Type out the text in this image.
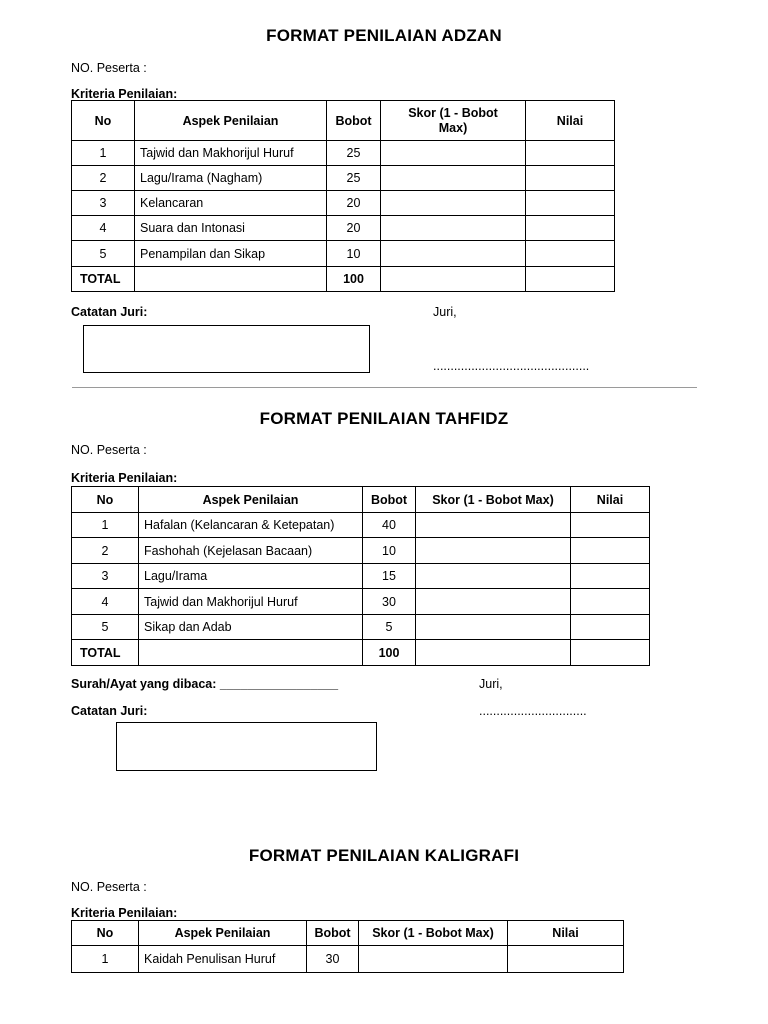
FORMAT PENILAIAN ADZAN
NO. Peserta :
Kriteria Penilaian:
No	Aspek Penilaian	Bobot	Skor (1 - Bobot Max)	Nilai
1	Tajwid dan Makhorijul Huruf	25		
2	Lagu/Irama (Nagham)	25		
3	Kelancaran	20		
4	Suara dan Intonasi	20		
5	Penampilan dan Sikap	10		
TOTAL		100		
Catatan Juri:	Juri,
.............................................
FORMAT PENILAIAN TAHFIDZ
NO. Peserta :
Kriteria Penilaian:
No	Aspek Penilaian	Bobot	Skor (1 - Bobot Max)	Nilai
1	Hafalan (Kelancaran & Ketepatan)	40		
2	Fashohah (Kejelasan Bacaan)	10		
3	Lagu/Irama	15		
4	Tajwid dan Makhorijul Huruf	30		
5	Sikap dan Adab	5		
TOTAL		100		
Surah/Ayat yang dibaca: _________________	Juri,
Catatan Juri:	...............................
FORMAT PENILAIAN KALIGRAFI
NO. Peserta :
Kriteria Penilaian:
No	Aspek Penilaian	Bobot	Skor (1 - Bobot Max)	Nilai
1	Kaidah Penulisan Huruf	30		
